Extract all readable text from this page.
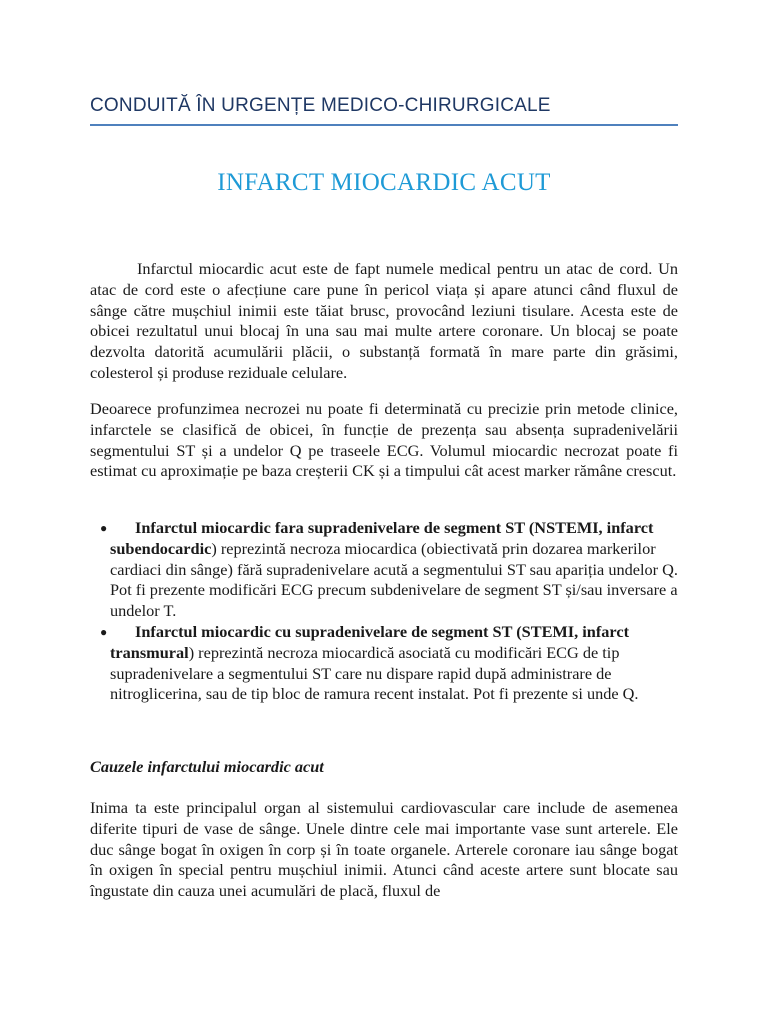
CONDUITĂ ÎN URGENȚE MEDICO-CHIRURGICALE
INFARCT MIOCARDIC ACUT

Infarctul miocardic acut este de fapt numele medical pentru un atac de cord. Un atac de cord este o afecțiune care pune în pericol viața și apare atunci când fluxul de sânge către mușchiul inimii este tăiat brusc, provocând leziuni tisulare. Acesta este de obicei rezultatul unui blocaj în una sau mai multe artere coronare. Un blocaj se poate dezvolta datorită acumulării plăcii, o substanță formată în mare parte din grăsimi, colesterol și produse reziduale celulare.

Deoarece profunzimea necrozei nu poate fi determinată cu precizie prin metode clinice, infarctele se clasifică de obicei, în funcție de prezența sau absența supradenivelării segmentului ST și a undelor Q pe traseele ECG. Volumul miocardic necrozat poate fi estimat cu aproximație pe baza creșterii CK și a timpului cât acest marker rămâne crescut.

● Infarctul miocardic fara supradenivelare de segment ST (NSTEMI, infarct subendocardic) reprezintă necroza miocardica (obiectivată prin dozarea markerilor cardiaci din sânge) fără supradenivelare acută a segmentului ST sau apariția undelor Q. Pot fi prezente modificări ECG precum subdenivelare de segment ST și/sau inversare a undelor T.
● Infarctul miocardic cu supradenivelare de segment ST (STEMI, infarct transmural) reprezintă necroza miocardică asociată cu modificări ECG de tip supradenivelare a segmentului ST care nu dispare rapid după administrare de nitroglicerina, sau de tip bloc de ramura recent instalat. Pot fi prezente si unde Q.
Cauzele infarctului miocardic acut

Inima ta este principalul organ al sistemului cardiovascular care include de asemenea diferite tipuri de vase de sânge. Unele dintre cele mai importante vase sunt arterele. Ele duc sânge bogat în oxigen în corp și în toate organele. Arterele coronare iau sânge bogat în oxigen în special pentru mușchiul inimii. Atunci când aceste artere sunt blocate sau îngustate din cauza unei acumulări de placă, fluxul de
